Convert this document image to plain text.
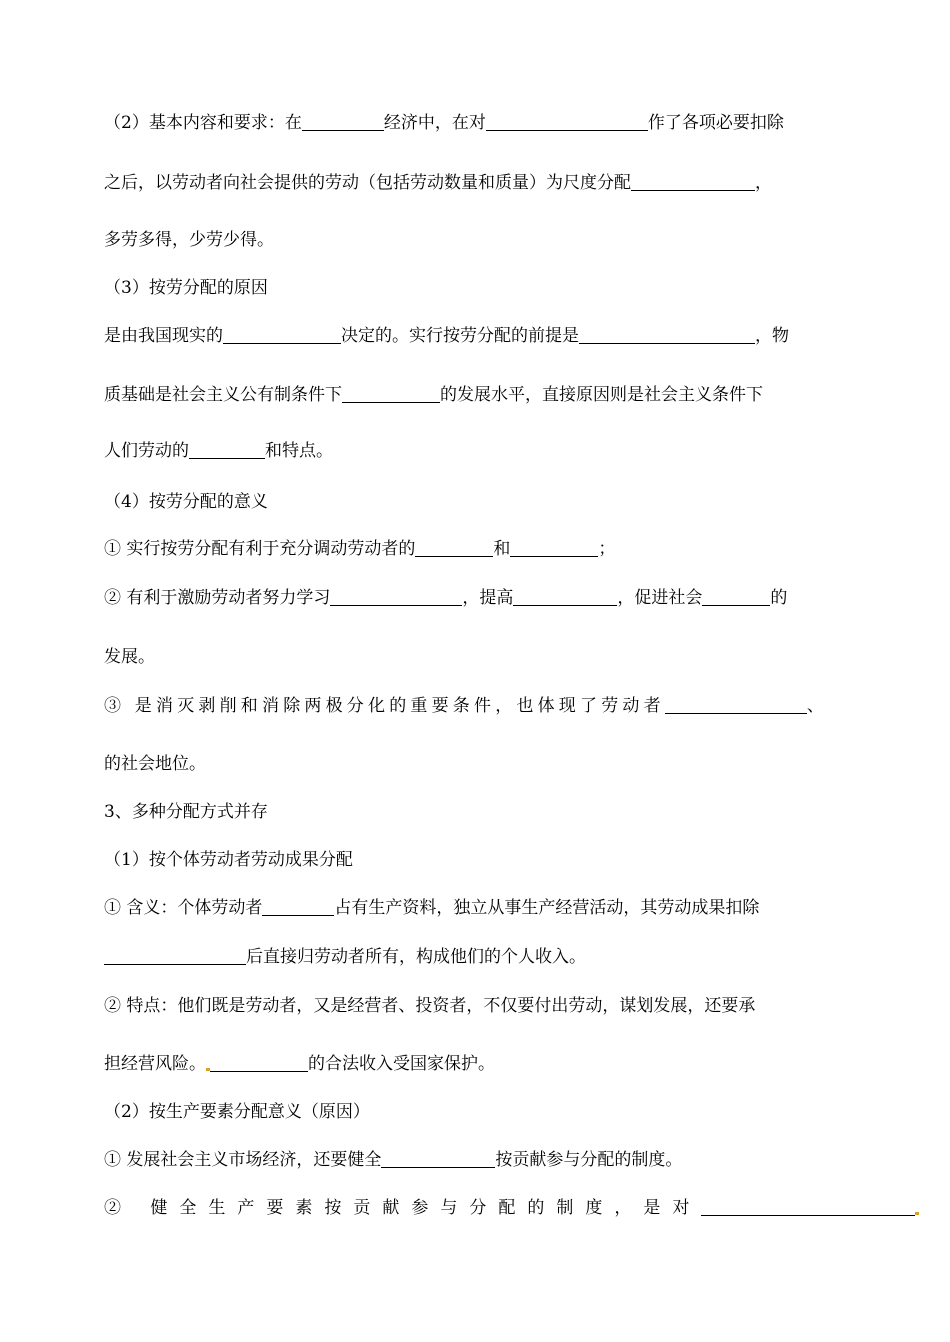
（2）基本内容和要求：在	经济中，在对	作了各项必要扣除
之后，以劳动者向社会提供的劳动（包括劳动数量和质量）为尺度分配	，
多劳多得，少劳少得。
（3）按劳分配的原因
是由我国现实的	决定的。实行按劳分配的前提是	，物
质基础是社会主义公有制条件下	的发展水平，直接原因则是社会主义条件下
人们劳动的	和特点。
（4）按劳分配的意义
① 实行按劳分配有利于充分调动劳动者的	和	；
② 有利于激励劳动者努力学习	，提高	，促进社会	的
发展。
③ 是消灭剥削和消除两极分化的重要条件，也体现了劳动者	、
的社会地位。
3、多种分配方式并存
（1）按个体劳动者劳动成果分配
① 含义：个体劳动者	占有生产资料，独立从事生产经营活动，其劳动成果扣除
后直接归劳动者所有，构成他们的个人收入。
② 特点：他们既是劳动者，又是经营者、投资者，不仅要付出劳动，谋划发展，还要承
担经营风险。	的合法收入受国家保护。
（2）按生产要素分配意义（原因）
① 发展社会主义市场经济，还要健全	按贡献参与分配的制度。
② 健全生产要素按贡献参与分配的制度，是对
